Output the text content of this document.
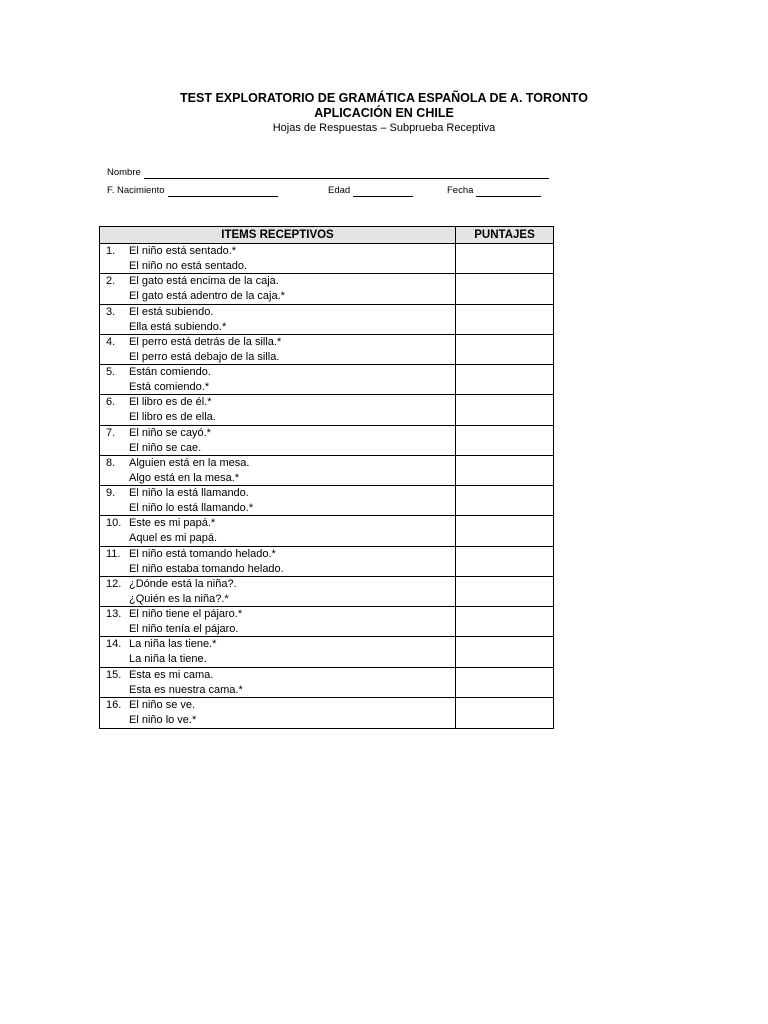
TEST EXPLORATORIO DE GRAMÁTICA ESPAÑOLA DE A. TORONTO
APLICACIÓN EN CHILE
Hojas de Respuestas – Subprueba Receptiva
Nombre
F. Nacimiento	Edad	Fecha
ITEMS RECEPTIVOS	PUNTAJES
1.	El niño está sentado.*
El niño no está sentado.
2.	El gato está encima de la caja.
El gato está adentro de la caja.*
3.	El está subiendo.
Ella está subiendo.*
4.	El perro está detrás de la silla.*
El perro está debajo de la silla.
5.	Están comiendo.
Está comiendo.*
6.	El libro es de él.*
El libro es de ella.
7.	El niño se cayó.*
El niño se cae.
8.	Alguien está en la mesa.
Algo está en la mesa.*
9.	El niño la está llamando.
El niño lo está llamando.*
10. Este es mi papá.*
Aquel es mi papá.
11. El niño está tomando helado.*
El niño estaba tomando helado.
12. ¿Dónde está la niña?.
¿Quién es la niña?.*
13. El niño tiene el pájaro.*
El niño tenía el pájaro.
14. La niña las tiene.*
La niña la tiene.
15. Esta es mi cama.
Esta es nuestra cama.*
16. El niño se ve.
El niño lo ve.*
